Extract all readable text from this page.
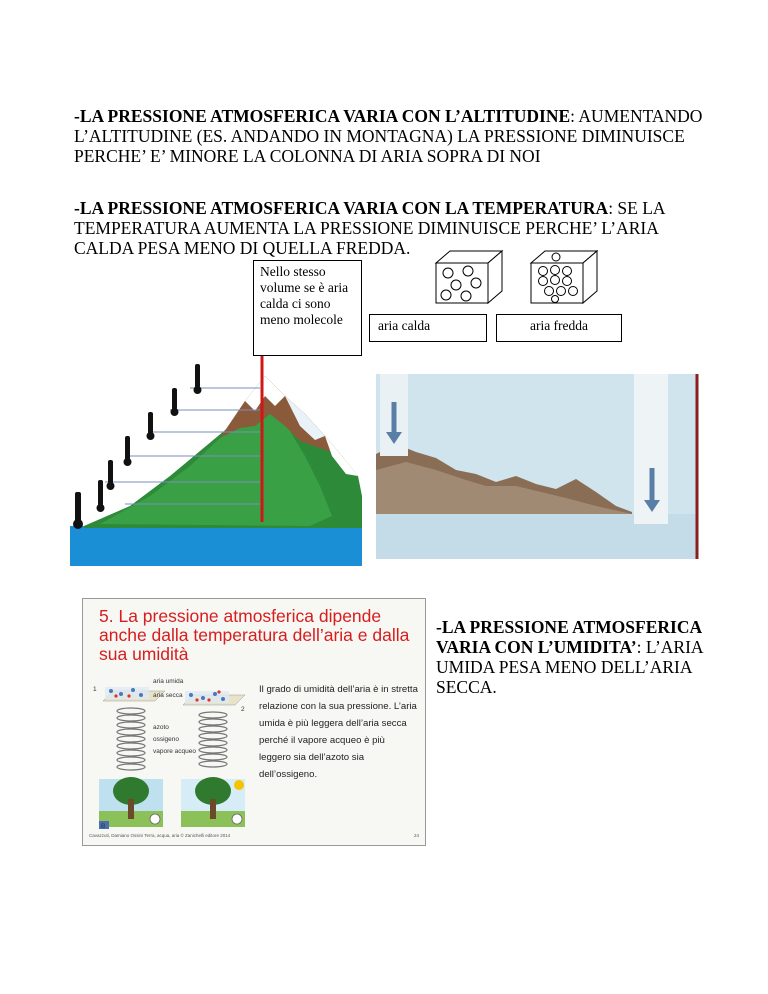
-LA PRESSIONE ATMOSFERICA VARIA CON L’ALTITUDINE: AUMENTANDO L’ALTITUDINE (ES. ANDANDO IN MONTAGNA) LA PRESSIONE DIMINUISCE PERCHE’ E’ MINORE LA COLONNA DI ARIA SOPRA DI NOI
-LA PRESSIONE ATMOSFERICA VARIA CON LA TEMPERATURA: SE LA TEMPERATURA AUMENTA LA PRESSIONE DIMINUISCE PERCHE’ L’ARIA CALDA PESA MENO DI QUELLA FREDDA.
Nello stesso volume se è aria calda ci sono meno molecole	aria calda	aria fredda
5. La pressione atmosferica dipende anche dalla temperatura dell’aria e dalla sua umidità
Il grado di umidità dell’aria è in stretta relazione con la sua pressione. L’aria umida è più leggera dell’aria secca perché il vapore acqueo è più leggero sia dell’azoto sia dell’ossigeno.
1
aria umida
aria secca
2
azoto
ossigeno
vapore acqueo
B
Cavazzuti, Damiano Ossini Terra, acqua, aria © Zanichelli editore 2014	24
-LA PRESSIONE ATMOSFERICA VARIA CON L’UMIDITA’: L’ARIA UMIDA PESA MENO DELL’ARIA SECCA.
